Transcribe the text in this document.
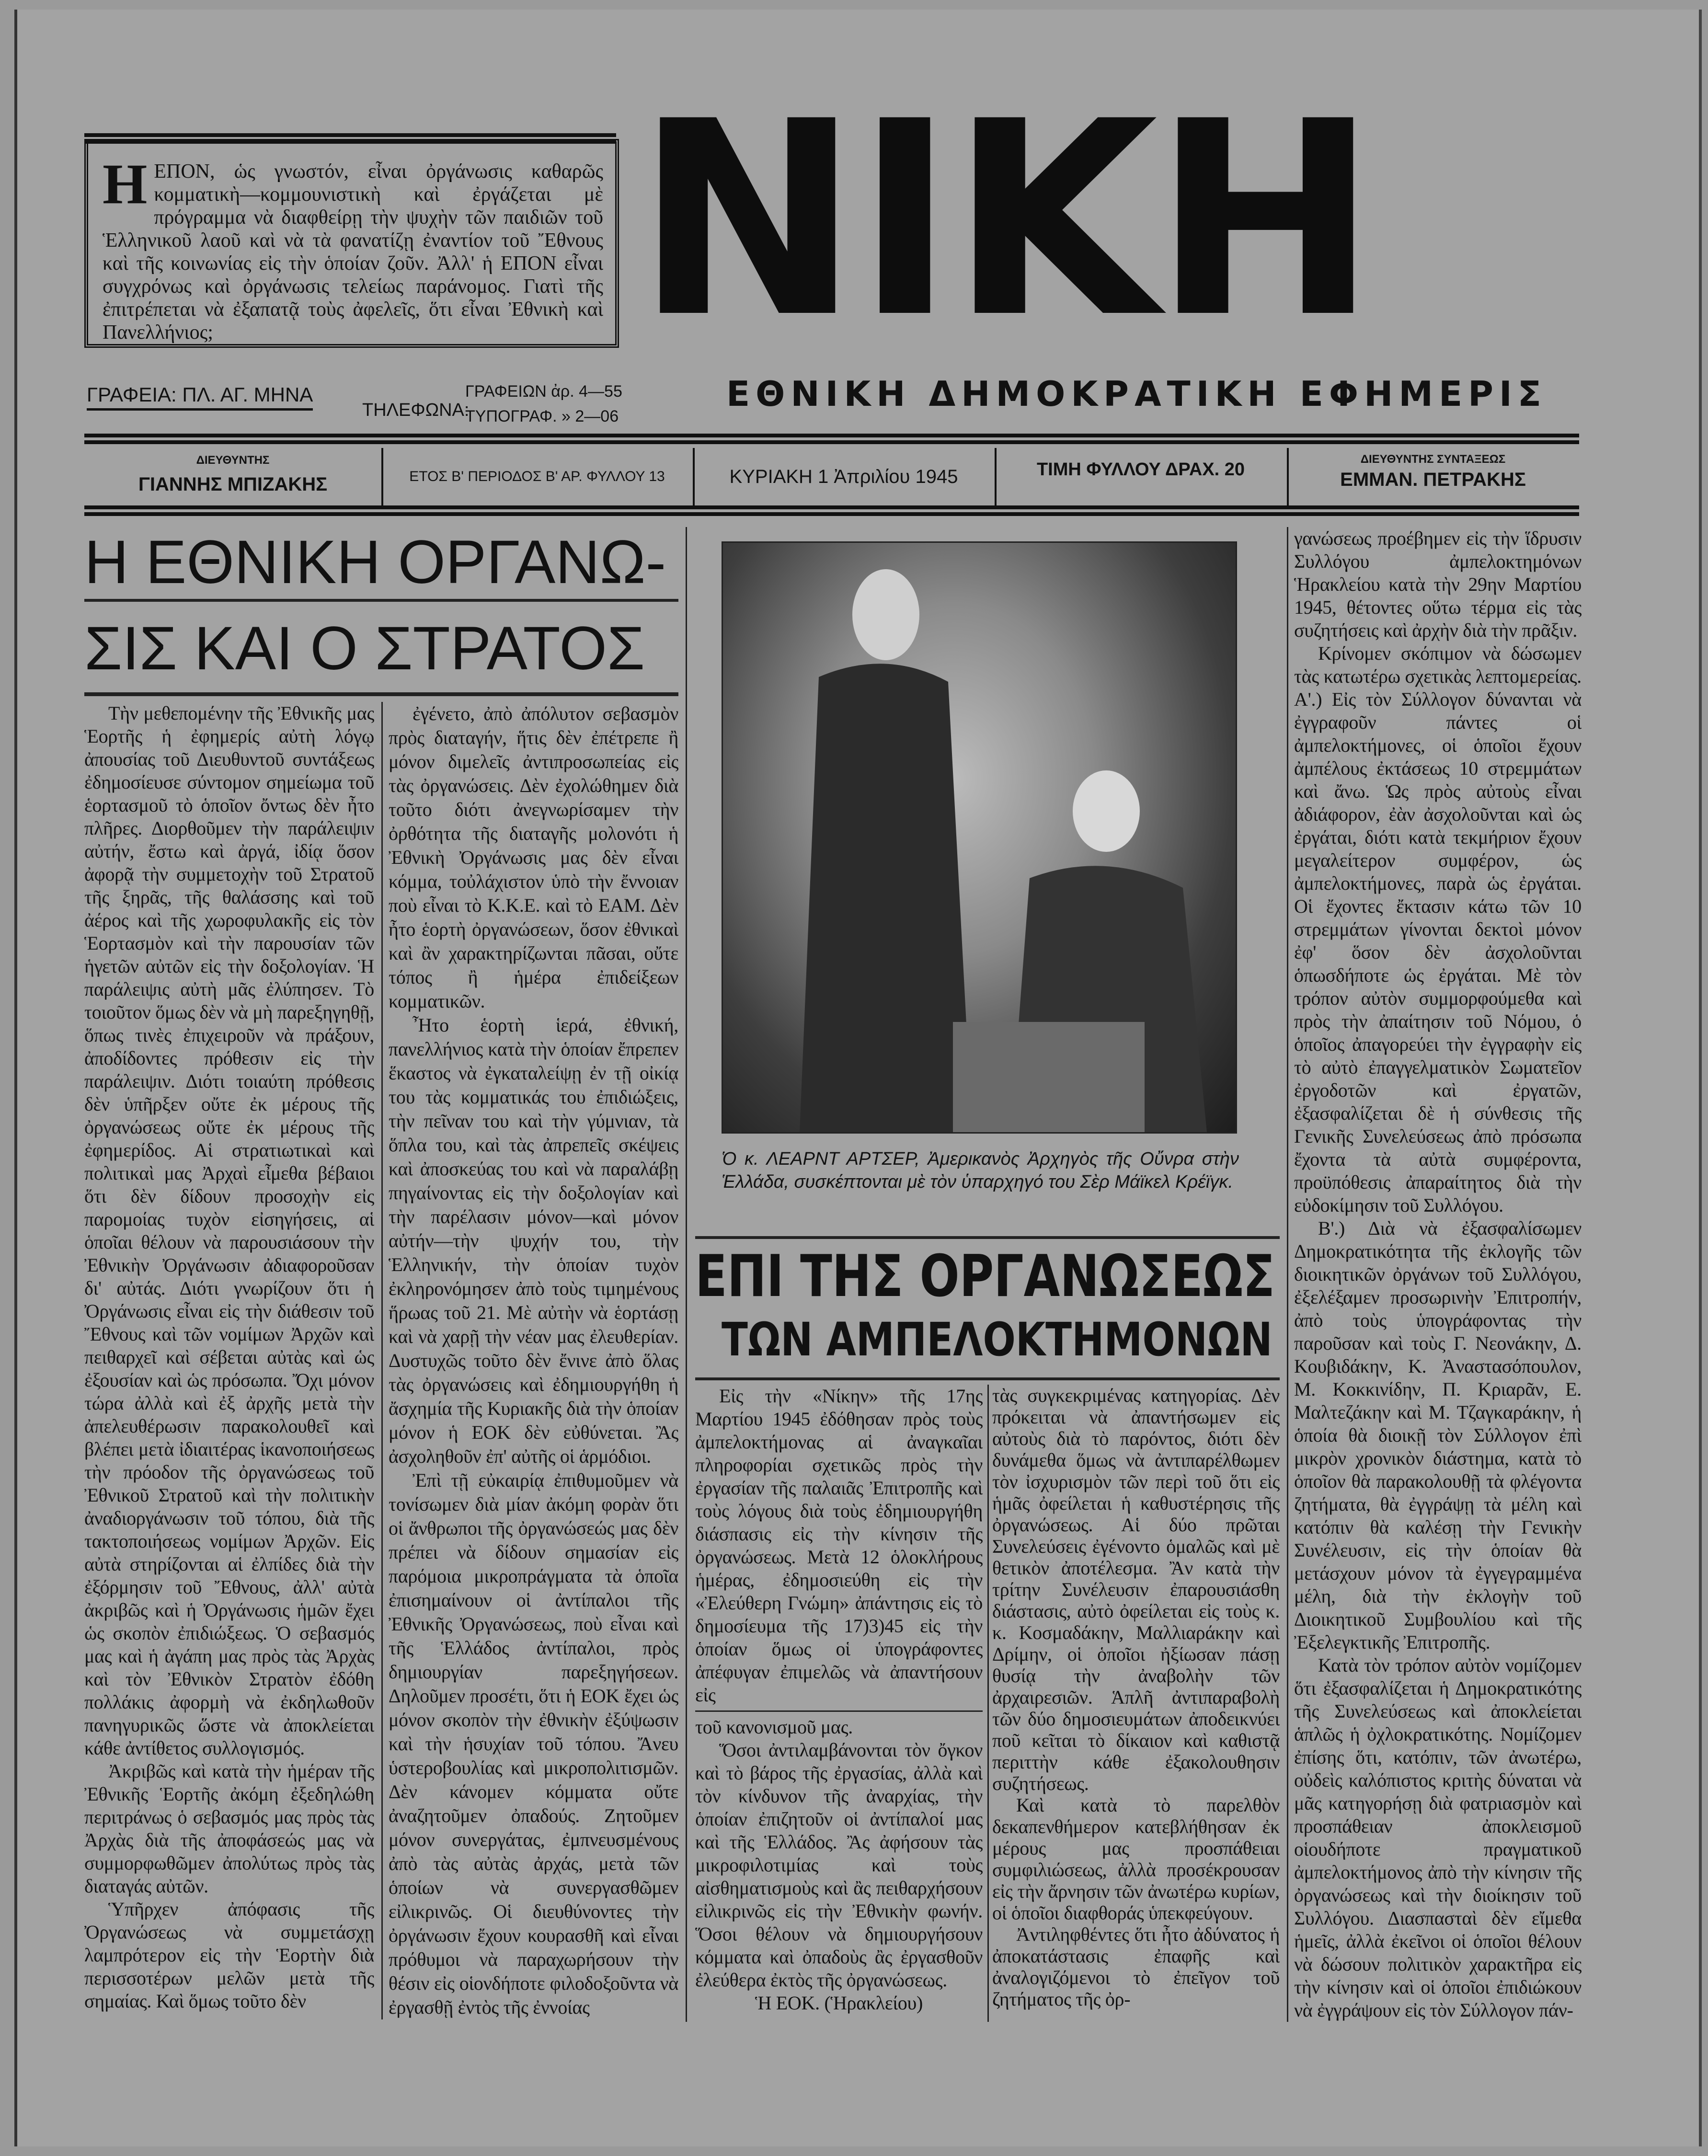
ΗΕΠΟΝ, ὡς γνωστόν, εἶναι ὀργάνωσις καθαρῶς κομματικὴ—κομμουνιστικὴ καὶ ἐργάζεται μὲ πρόγραμμα νὰ διαφθείρῃ τὴν ψυχὴν τῶν παιδιῶν τοῦ Ἑλληνικοῦ λαοῦ καὶ νὰ τὰ φανατίζῃ ἐναντίον τοῦ Ἔθνους καὶ τῆς κοινωνίας εἰς τὴν ὁποίαν ζοῦν. Ἀλλ' ἡ ΕΠΟΝ εἶναι συγχρόνως καὶ ὀργάνωσις τελείως παράνομος. Γιατὶ τῆς ἐπιτρέπεται νὰ ἐξαπατᾷ τοὺς ἀφελεῖς, ὅτι εἶναι Ἐθνικὴ καὶ Πανελλήνιος;	ΝΙΚΗ
ΕΘΝΙΚΗ ΔΗΜΟΚΡΑΤΙΚΗ ΕΦΗΜΕΡΙΣ
ΓΡΑΦΕΙΑ: ΠΛ. ΑΓ. ΜΗΝΑ
ΤΗΛΕΦΩΝΑ:
ΓΡΑΦΕΙΩΝ ἀρ. 4—55
ΤΥΠΟΓΡΑΦ. » 2—06
ΔΙΕΥΘΥΝΤΗΣ
ΓΙΑΝΝΗΣ ΜΠΙΖΑΚΗΣ	ΕΤΟΣ Β' ΠΕΡΙΟΔΟΣ Β' ΑΡ. ΦΥΛΛΟΥ 13	ΚΥΡΙΑΚΗ 1 Ἀπριλίου 1945	ΤΙΜΗ ΦΥΛΛΟΥ ΔΡΑΧ. 20
ΔΙΕΥΘΥΝΤΗΣ ΣΥΝΤΑΞΕΩΣ
ΕΜΜΑΝ. ΠΕΤΡΑΚΗΣ
Η ΕΘΝΙΚΗ ΟΡΓΑΝΩ-
ΣΙΣ ΚΑΙ Ο ΣΤΡΑΤΟΣ

Τὴν μεθεπομένην τῆς Ἐθνικῆς μας Ἑορτῆς ἡ ἐφημερίς αὐτὴ λόγῳ ἀπουσίας τοῦ Διευθυντοῦ συντάξεως ἐδημοσίευσε σύντομον σημείωμα τοῦ ἑορτασμοῦ τὸ ὁποῖον ὄντως δὲν ἦτο πλῆρες. Διορθοῦμεν τὴν παράλειψιν αὐτήν, ἔστω καὶ ἀργά, ἰδίᾳ ὅσον ἀφορᾷ τὴν συμμετοχὴν τοῦ Στρατοῦ τῆς ξηρᾶς, τῆς θαλάσσης καὶ τοῦ ἀέρος καὶ τῆς χωροφυλακῆς εἰς τὸν Ἑορτασμὸν καὶ τὴν παρουσίαν τῶν ἡγετῶν αὐτῶν εἰς τὴν δοξολογίαν. Ἡ παράλειψις αὐτὴ μᾶς ἐλύπησεν. Τὸ τοιοῦτον ὅμως δὲν νὰ μὴ παρεξηγηθῇ, ὅπως τινὲς ἐπιχειροῦν νὰ πράξουν, ἀποδίδοντες πρόθεσιν εἰς τὴν παράλειψιν. Διότι τοιαύτη πρόθεσις δὲν ὑπῆρξεν οὔτε ἐκ μέρους τῆς ὀργανώσεως οὔτε ἐκ μέρους τῆς ἐφημερίδος. Αἱ στρατιωτικαὶ καὶ πολιτικαὶ μας Ἀρχαὶ εἶμεθα βέβαιοι ὅτι δὲν δίδουν προσοχὴν εἰς παρομοίας τυχὸν εἰσηγήσεις, αἱ ὁποῖαι θέλουν νὰ παρουσιάσουν τὴν Ἐθνικὴν Ὀργάνωσιν ἀδιαφοροῦσαν δι' αὐτάς. Διότι γνωρίζουν ὅτι ἡ Ὀργάνωσις εἶναι εἰς τὴν διάθεσιν τοῦ Ἔθνους καὶ τῶν νομίμων Ἀρχῶν καὶ πειθαρχεῖ καὶ σέβεται αὐτὰς καὶ ὡς ἐξουσίαν καὶ ὡς πρόσωπα. Ὄχι μόνον τώρα ἀλλὰ καὶ ἐξ ἀρχῆς μετὰ τὴν ἀπελευθέρωσιν παρακολουθεῖ καὶ βλέπει μετὰ ἰδιαιτέρας ἱκανοποιήσεως τὴν πρόοδον τῆς ὀργανώσεως τοῦ Ἐθνικοῦ Στρατοῦ καὶ τὴν πολιτικὴν ἀναδιοργάνωσιν τοῦ τόπου, διὰ τῆς τακτοποιήσεως νομίμων Ἀρχῶν. Εἰς αὐτὰ στηρίζονται αἱ ἐλπίδες διὰ τὴν ἐξόρμησιν τοῦ Ἔθνους, ἀλλ' αὐτὰ ἀκριβῶς καὶ ἡ Ὀργάνωσις ἡμῶν ἔχει ὡς σκοπὸν ἐπιδιώξεως. Ὁ σεβασμός μας καὶ ἡ ἀγάπη μας πρὸς τὰς Ἀρχὰς καὶ τὸν Ἐθνικὸν Στρατὸν ἐδόθη πολλάκις ἀφορμὴ νὰ ἐκδηλωθοῦν πανηγυρικῶς ὥστε νὰ ἀποκλείεται κάθε ἀντίθετος συλλογισμός.

Ἀκριβῶς καὶ κατὰ τὴν ἡμέραν τῆς Ἐθνικῆς Ἑορτῆς ἀκόμη ἐξεδηλώθη περιτράνως ὁ σεβασμός μας πρὸς τὰς Ἀρχὰς διὰ τῆς ἀποφάσεώς μας νὰ συμμορφωθῶμεν ἀπολύτως πρὸς τὰς διαταγάς αὐτῶν.

Ὑπῆρχεν ἀπόφασις τῆς Ὀργανώσεως νὰ συμμετάσχῃ λαμπρότερον εἰς τὴν Ἑορτὴν διὰ περισσοτέρων μελῶν μετὰ τῆς σημαίας. Καὶ ὅμως τοῦτο δὲν

ἐγένετο, ἀπὸ ἀπόλυτον σεβασμὸν πρὸς διαταγήν, ἥτις δὲν ἐπέτρεπε ἢ μόνον διμελεῖς ἀντιπροσωπείας εἰς τὰς ὀργανώσεις. Δὲν ἐχολώθημεν διὰ τοῦτο διότι ἀνεγνωρίσαμεν τὴν ὀρθότητα τῆς διαταγῆς μολονότι ἡ Ἐθνικὴ Ὀργάνωσις μας δὲν εἶναι κόμμα, τοὐλάχιστον ὑπὸ τὴν ἔννοιαν ποὺ εἶναι τὸ Κ.Κ.Ε. καὶ τὸ ΕΑΜ. Δὲν ἦτο ἑορτὴ ὀργανώσεων, ὅσον ἐθνικαὶ καὶ ἂν χαρακτηρίζωνται πᾶσαι, οὔτε τόπος ἢ ἡμέρα ἐπιδείξεων κομματικῶν.

Ἦτο ἑορτὴ ἱερά, ἐθνική, πανελλήνιος κατὰ τὴν ὁποίαν ἔπρεπεν ἕκαστος νὰ ἐγκαταλείψῃ ἐν τῇ οἰκίᾳ του τὰς κομματικάς του ἐπιδιώξεις, τὴν πεῖναν του καὶ τὴν γύμνιαν, τὰ ὅπλα του, καὶ τὰς ἀπρεπεῖς σκέψεις καὶ ἀποσκεύας του καὶ νὰ παραλάβῃ πηγαίνοντας εἰς τὴν δοξολογίαν καὶ τὴν παρέλασιν μόνον—καὶ μόνον αὐτήν—τὴν ψυχήν του, τὴν Ἑλληνικήν, τὴν ὁποίαν τυχὸν ἐκληρονόμησεν ἀπὸ τοὺς τιμημένους ἥρωας τοῦ 21. Μὲ αὐτὴν νὰ ἑορτάσῃ καὶ νὰ χαρῇ τὴν νέαν μας ἐλευθερίαν. Δυστυχῶς τοῦτο δὲν ἔνινε ἀπὸ ὅλας τὰς ὀργανώσεις καὶ ἐδημιουργήθη ἡ ἄσχημία τῆς Κυριακῆς διὰ τὴν ὁποίαν μόνον ἡ ΕΟΚ δὲν εὐθύνεται. Ἂς ἀσχοληθοῦν ἐπ' αὐτῆς οἱ ἁρμόδιοι.

Ἐπὶ τῇ εὐκαιρίᾳ ἐπιθυμοῦμεν νὰ τονίσωμεν διὰ μίαν ἀκόμη φορὰν ὅτι οἱ ἄνθρωποι τῆς ὀργανώσεώς μας δὲν πρέπει νὰ δίδουν σημασίαν εἰς παρόμοια μικροπράγματα τὰ ὁποῖα ἐπισημαίνουν οἱ ἀντίπαλοι τῆς Ἐθνικῆς Ὀργανώσεως, ποὺ εἶναι καὶ τῆς Ἑλλάδος ἀντίπαλοι, πρὸς δημιουργίαν παρεξηγήσεων. Δηλοῦμεν προσέτι, ὅτι ἡ ΕΟΚ ἔχει ὡς μόνον σκοπὸν τὴν ἐθνικὴν ἐξύψωσιν καὶ τὴν ἡσυχίαν τοῦ τόπου. Ἄνευ ὑστεροβουλίας καὶ μικροπολιτισμῶν. Δὲν κάνομεν κόμματα οὔτε ἀναζητοῦμεν ὀπαδούς. Ζητοῦμεν μόνον συνεργάτας, ἐμπνευσμένους ἀπὸ τὰς αὐτὰς ἀρχάς, μετὰ τῶν ὁποίων νὰ συνεργασθῶμεν εἰλικρινῶς. Οἱ διευθύνοντες τὴν ὀργάνωσιν ἔχουν κουρασθῆ καὶ εἶναι πρόθυμοι νὰ παραχωρήσουν τὴν θέσιν εἰς οἱονδήποτε φιλοδοξοῦντα νὰ ἐργασθῇ ἐντὸς τῆς ἐννοίας

Ὁ κ. ΛΕΑΡΝΤ ΑΡΤΣΕΡ, Ἀμερικανὸς Ἀρχηγὸς τῆς Οὔνρα στὴν Ἑλλάδα, συσκέπτονται μὲ τὸν ὑπαρχηγό του Σὲρ Μάϊκελ Κρέϊγκ.
ΕΠΙ ΤΗΣ ΟΡΓΑΝΩΣΕΩΣ
ΤΩΝ ΑΜΠΕΛΟΚΤΗΜΟΝΩΝ

Εἰς τὴν «Νίκην» τῆς 17ης Μαρτίου 1945 ἐδόθησαν πρὸς τοὺς ἀμπελοκτήμονας αἱ ἀναγκαῖαι πληροφορίαι σχετικῶς πρὸς τὴν ἐργασίαν τῆς παλαιᾶς Ἐπιτροπῆς καὶ τοὺς λόγους διὰ τοὺς ἐδημιουργήθη διάσπασις εἰς τὴν κίνησιν τῆς ὀργανώσεως. Μετὰ 12 ὁλοκλήρους ἡμέρας, ἐδημοσιεύθη εἰς τὴν «Ἐλεύθερη Γνώμη» ἀπάντησις εἰς τὸ δημοσίευμα τῆς 17)3)45 εἰς τὴν ὁποίαν ὅμως οἱ ὑπογράφοντες ἀπέφυγαν ἐπιμελῶς νὰ ἀπαντήσουν εἰς

τοῦ κανονισμοῦ μας.

Ὅσοι ἀντιλαμβάνονται τὸν ὄγκον καὶ τὸ βάρος τῆς ἐργασίας, ἀλλὰ καὶ τὸν κίνδυνον τῆς ἀναρχίας, τὴν ὁποίαν ἐπιζητοῦν οἱ ἀντίπαλοί μας καὶ τῆς Ἑλλάδος. Ἂς ἀφήσουν τὰς μικροφιλοτιμίας καὶ τοὺς αἰσθηματισμοὺς καὶ ἂς πειθαρχήσουν εἰλικρινῶς εἰς τὴν Ἐθνικὴν φωνήν. Ὅσοι θέλουν νὰ δημιουργήσουν κόμματα καὶ ὀπαδοὺς ἂς ἐργασθοῦν ἐλεύθερα ἐκτὸς τῆς ὀργανώσεως.

Ἡ ΕΟΚ. (Ἡρακλείου)

τὰς συγκεκριμένας κατηγορίας. Δὲν πρόκειται νὰ ἀπαντήσωμεν εἰς αὐτοὺς διὰ τὸ παρόντος, διότι δὲν δυνάμεθα ὅμως νὰ ἀντιπαρέλθωμεν τὸν ἰσχυρισμὸν τῶν περὶ τοῦ ὅτι εἰς ἡμᾶς ὀφείλεται ἡ καθυστέρησις τῆς ὀργανώσεως. Αἱ δύο πρῶται Συνελεύσεις ἐγένοντο ὁμαλῶς καὶ μὲ θετικὸν ἀποτέλεσμα. Ἂν κατὰ τὴν τρίτην Συνέλευσιν ἐπαρουσιάσθη διάστασις, αὐτὸ ὀφείλεται εἰς τοὺς κ. κ. Κοσμαδάκην, Μαλλιαράκην καὶ Δρίμην, οἱ ὁποῖοι ἠξίωσαν πάσῃ θυσίᾳ τὴν ἀναβολὴν τῶν ἀρχαιρεσιῶν. Ἁπλῆ ἀντιπαραβολὴ τῶν δύο δημοσιευμάτων ἀποδεικνύει ποῦ κεῖται τὸ δίκαιον καὶ καθιστᾷ περιττὴν κάθε ἐξακολουθησιν συζητήσεως.

Καὶ κατὰ τὸ παρελθὸν δεκαπενθήμερον κατεβλήθησαν ἐκ μέρους μας προσπάθειαι συμφιλιώσεως, ἀλλὰ προσέκρουσαν εἰς τὴν ἄρνησιν τῶν ἀνωτέρω κυρίων, οἱ ὁποῖοι διαφθοράς ὑπεκφεύγουν.

Ἀντιληφθέντες ὅτι ἦτο ἀδύνατος ἡ ἀποκατάστασις ἐπαφῆς καὶ ἀναλογιζόμενοι τὸ ἐπεῖγον τοῦ ζητήματος τῆς ὀρ-

γανώσεως προέβημεν εἰς τὴν ἵδρυσιν Συλλόγου ἀμπελοκτημόνων Ἡρακλείου κατὰ τὴν 29ην Μαρτίου 1945, θέτοντες οὕτω τέρμα εἰς τὰς συζητήσεις καὶ ἀρχὴν διὰ τὴν πρᾶξιν.

Κρίνομεν σκόπιμον νὰ δώσωμεν τὰς κατωτέρω σχετικὰς λεπτομερείας. Α'.) Εἰς τὸν Σύλλογον δύνανται νὰ ἐγγραφοῦν πάντες οἱ ἀμπελοκτήμονες, οἱ ὁποῖοι ἔχουν ἀμπέλους ἐκτάσεως 10 στρεμμάτων καὶ ἄνω. Ὡς πρὸς αὐτοὺς εἶναι ἀδιάφορον, ἐὰν ἀσχολοῦνται καὶ ὡς ἐργάται, διότι κατὰ τεκμήριον ἔχουν μεγαλείτερον συμφέρον, ὡς ἀμπελοκτήμονες, παρὰ ὡς ἐργάται. Οἱ ἔχοντες ἔκτασιν κάτω τῶν 10 στρεμμάτων γίνονται δεκτοὶ μόνον ἐφ' ὅσον δὲν ἀσχολοῦνται ὁπωσδήποτε ὡς ἐργάται. Μὲ τὸν τρόπον αὐτὸν συμμορφούμεθα καὶ πρὸς τὴν ἀπαίτησιν τοῦ Νόμου, ὁ ὁποῖος ἀπαγορεύει τὴν ἐγγραφὴν εἰς τὸ αὐτὸ ἐπαγγελματικὸν Σωματεῖον ἐργοδοτῶν καὶ ἐργατῶν, ἐξασφαλίζεται δὲ ἡ σύνθεσις τῆς Γενικῆς Συνελεύσεως ἀπὸ πρόσωπα ἔχοντα τὰ αὐτὰ συμφέροντα, προϋπόθεσις ἀπαραίτητος διὰ τὴν εὐδοκίμησιν τοῦ Συλλόγου.

Β'.) Διὰ νὰ ἐξασφαλίσωμεν Δημοκρατικότητα τῆς ἐκλογῆς τῶν διοικητικῶν ὀργάνων τοῦ Συλλόγου, ἐξελέξαμεν προσωρινὴν Ἐπιτροπήν, ἀπὸ τοὺς ὑπογράφοντας τὴν παροῦσαν καὶ τοὺς Γ. Νεονάκην, Δ. Κουβιδάκην, Κ. Ἀναστασόπουλον, Μ. Κοκκινίδην, Π. Κριαρᾶν, Ε. Μαλτεζάκην καὶ Μ. Τζαγκαράκην, ἡ ὁποία θὰ διοικῇ τὸν Σύλλογον ἐπὶ μικρὸν χρονικὸν διάστημα, κατὰ τὸ ὁποῖον θὰ παρακολουθῇ τὰ φλέγοντα ζητήματα, θὰ ἐγγράψῃ τὰ μέλη καὶ κατόπιν θὰ καλέσῃ τὴν Γενικὴν Συνέλευσιν, εἰς τὴν ὁποίαν θὰ μετάσχουν μόνον τὰ ἐγγεγραμμένα μέλη, διὰ τὴν ἐκλογὴν τοῦ Διοικητικοῦ Συμβουλίου καὶ τῆς Ἐξελεγκτικῆς Ἐπιτροπῆς.

Κατὰ τὸν τρόπον αὐτὸν νομίζομεν ὅτι ἐξασφαλίζεται ἡ Δημοκρατικότης τῆς Συνελεύσεως καὶ ἀποκλείεται ἁπλῶς ἡ ὀχλοκρατικότης. Νομίζομεν ἐπίσης ὅτι, κατόπιν, τῶν ἀνωτέρω, οὐδεὶς καλόπιστος κριτὴς δύναται νὰ μᾶς κατηγορήσῃ διὰ φατριασμὸν καὶ προσπάθειαν ἀποκλεισμοῦ οἱουδήποτε πραγματικοῦ ἀμπελοκτήμονος ἀπὸ τὴν κίνησιν τῆς ὀργανώσεως καὶ τὴν διοίκησιν τοῦ Συλλόγου. Διασπασταὶ δὲν εἴμεθα ἡμεῖς, ἀλλὰ ἐκεῖνοι οἱ ὁποῖοι θέλουν νὰ δώσουν πολιτικὸν χαρακτῆρα εἰς τὴν κίνησιν καὶ οἱ ὁποῖοι ἐπιδιώκουν νὰ ἐγγράψουν εἰς τὸν Σύλλογον πάν-
